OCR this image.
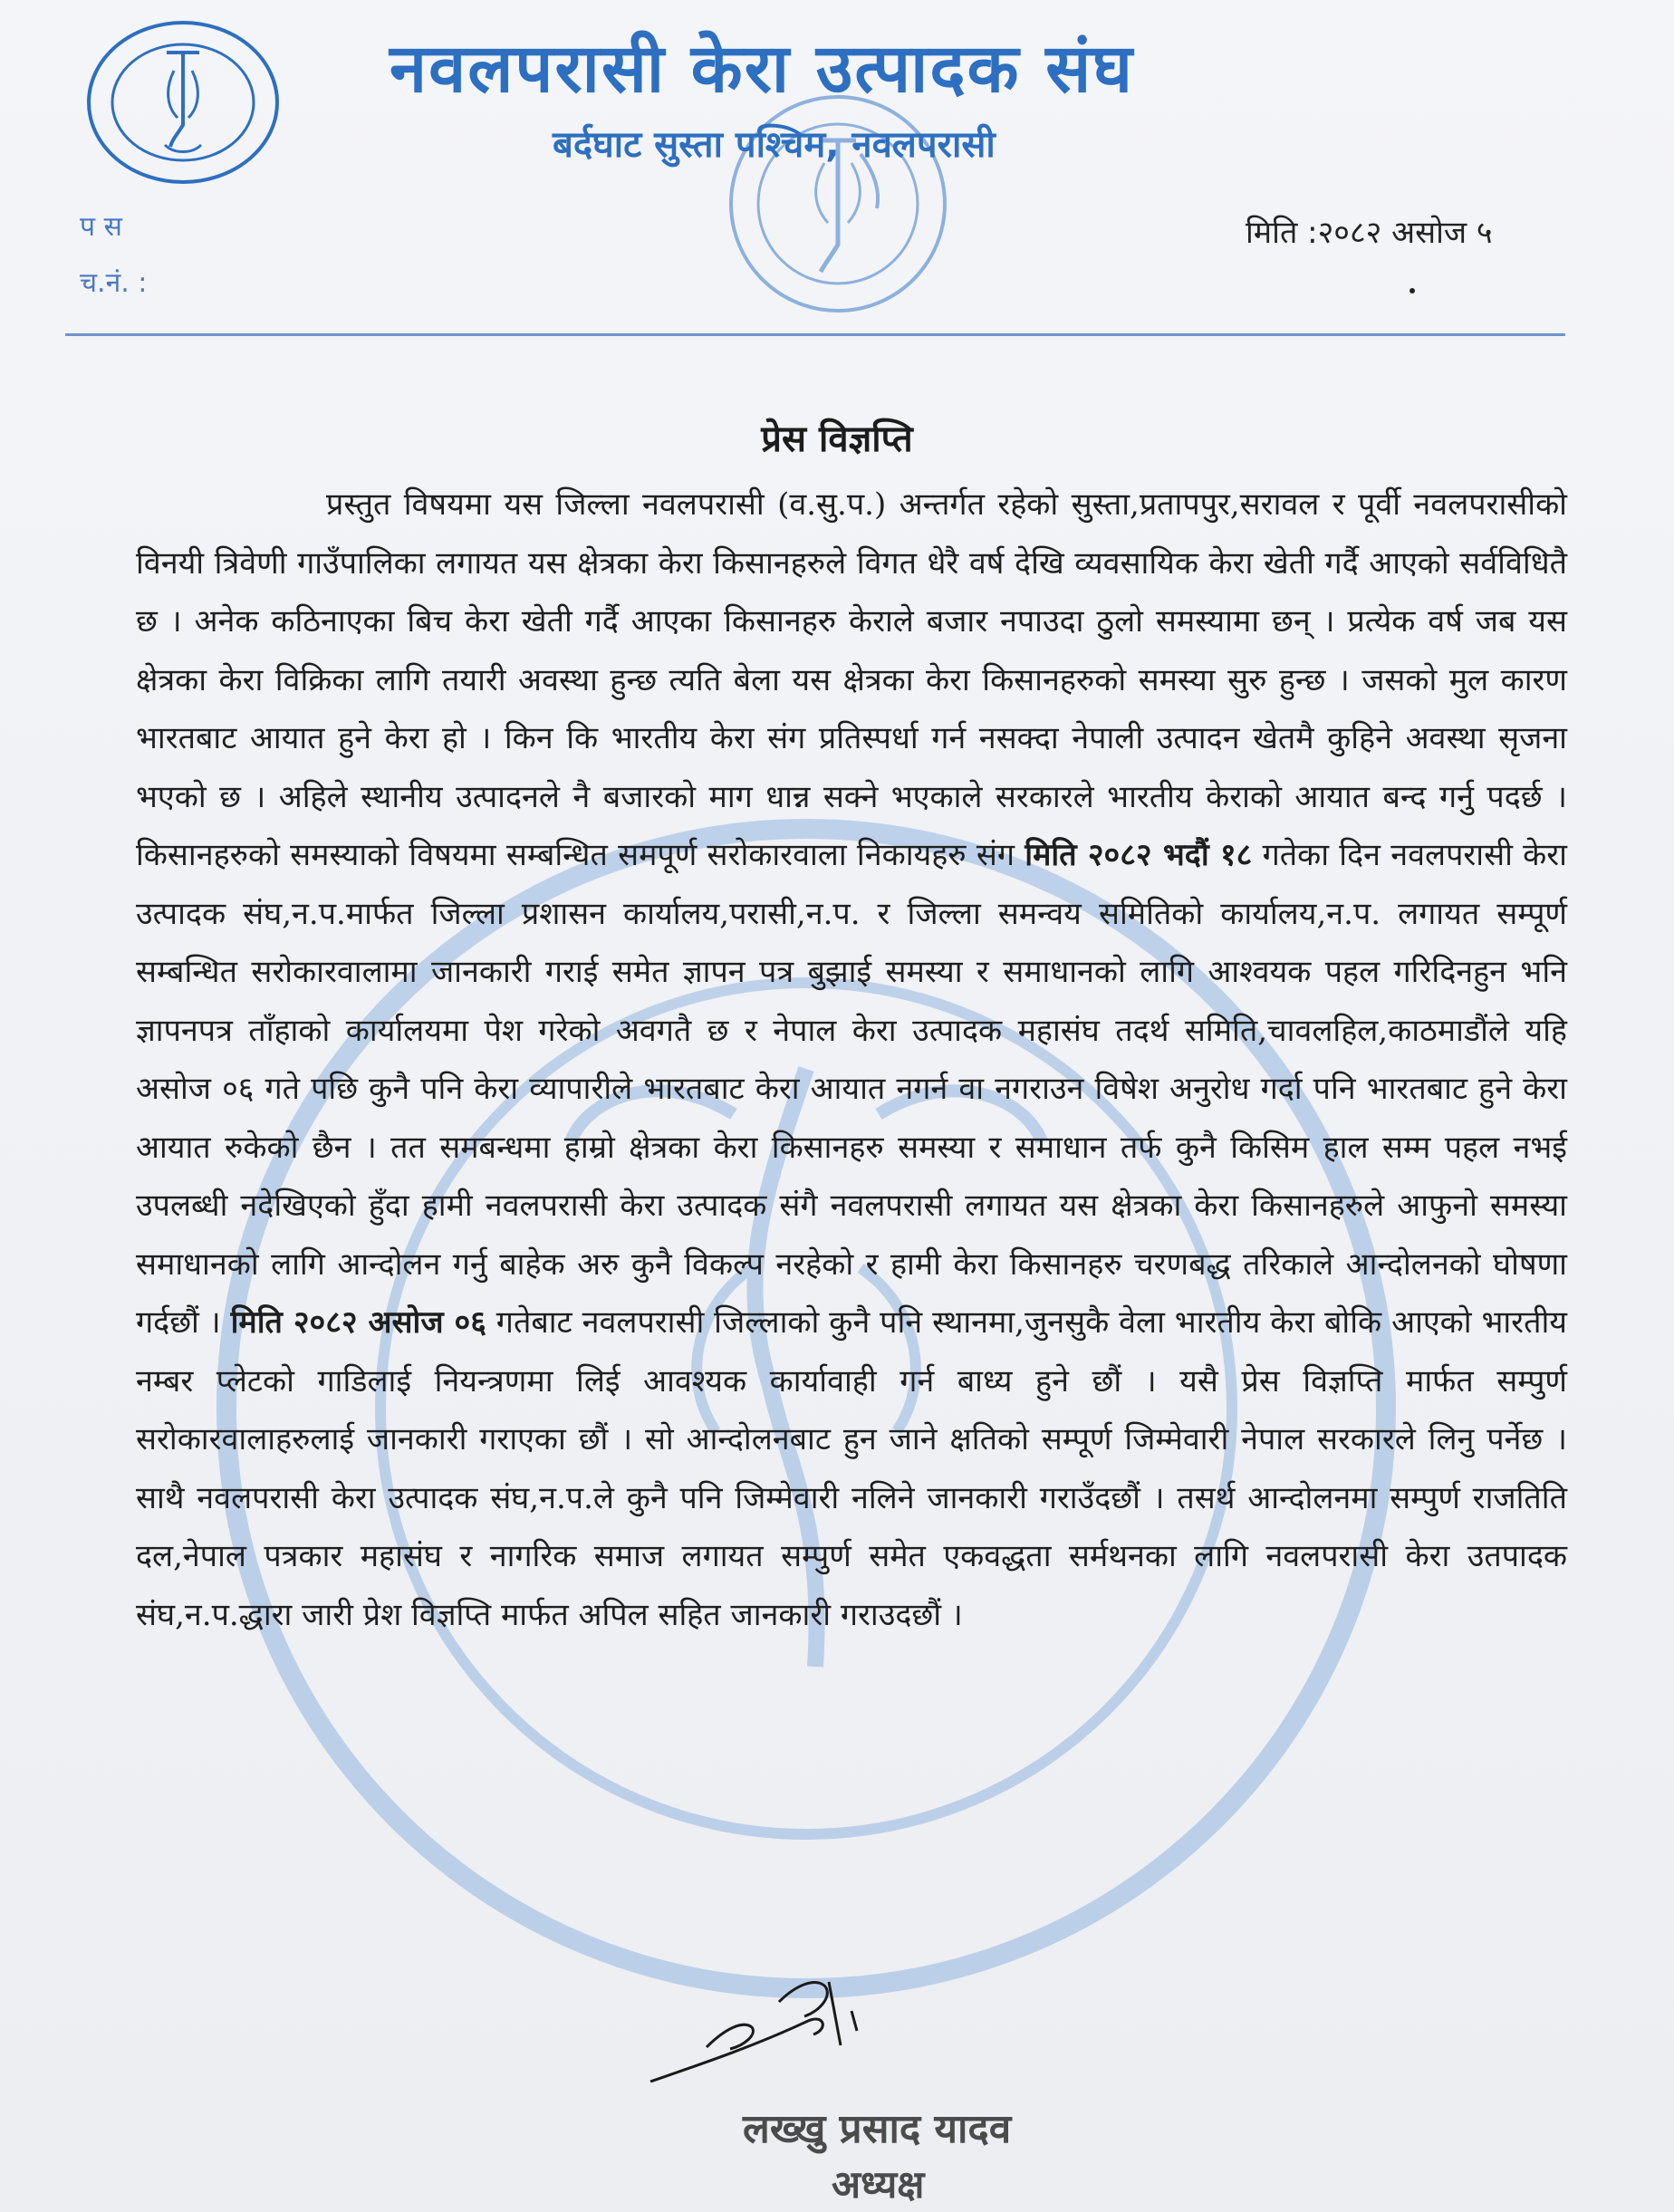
नवलपरासी केरा उत्पादक संघ
बर्दघाट सुस्ता पश्चिम, नवलपरासी
प स
च.नं. :
मिति :२०८२ असोज ५
प्रेस विज्ञप्ति
प्रस्तुत विषयमा यस जिल्ला नवलपरासी (व.सु.प.) अन्तर्गत रहेको सुस्ता,प्रतापपुर,सरावल र पूर्वी नवलपरासीको विनयी त्रिवेणी गाउँपालिका लगायत यस क्षेत्रका केरा किसानहरुले विगत धेरै वर्ष देखि व्यवसायिक केरा खेती गर्दै आएको सर्वविधितै छ । अनेक कठिनाएका बिच केरा खेती गर्दै आएका किसानहरु केराले बजार नपाउदा ठुलो समस्यामा छन् । प्रत्येक वर्ष जब यस क्षेत्रका केरा विक्रिका लागि तयारी अवस्था हुन्छ त्यति बेला यस क्षेत्रका केरा किसानहरुको समस्या सुरु हुन्छ । जसको मुल कारण भारतबाट आयात हुने केरा हो । किन कि भारतीय केरा संग प्रतिस्पर्धा गर्न नसक्दा नेपाली उत्पादन खेतमै कुहिने अवस्था सृजना भएको छ । अहिले स्थानीय उत्पादनले नै बजारको माग धान्न सक्ने भएकाले सरकारले भारतीय केराको आयात बन्द गर्नु पदर्छ । किसानहरुको समस्याको विषयमा सम्बन्धित समपूर्ण सरोकारवाला निकायहरु संग मिति २०८२ भदौं १८ गतेका दिन नवलपरासी केरा उत्पादक संघ,न.प.मार्फत जिल्ला प्रशासन कार्यालय,परासी,न.प. र जिल्ला समन्वय समितिको कार्यालय,न.प. लगायत सम्पूर्ण सम्बन्धित सरोकारवालामा जानकारी गराई समेत ज्ञापन पत्र बुझाई समस्या र समाधानको लागि आश्वयक पहल गरिदिनहुन भनि ज्ञापनपत्र ताँहाको कार्यालयमा पेश गरेको अवगतै छ र नेपाल केरा उत्पादक महासंघ तदर्थ समिति,चावलहिल,काठमाडौंले यहि असोज ०६ गते पछि कुनै पनि केरा व्यापारीले भारतबाट केरा आयात नगर्न वा नगराउन विषेश अनुरोध गर्दा पनि भारतबाट हुने केरा आयात रुकेको छैन । तत समबन्धमा हाम्रो क्षेत्रका केरा किसानहरु समस्या र समाधान तर्फ कुनै किसिम हाल सम्म पहल नभई उपलब्धी नदेखिएको हुँदा हामी नवलपरासी केरा उत्पादक संगै नवलपरासी लगायत यस क्षेत्रका केरा किसानहरुले आफुनो समस्या समाधानको लागि आन्दोलन गर्नु बाहेक अरु कुनै विकल्प नरहेको र हामी केरा किसानहरु चरणबद्ध तरिकाले आन्दोलनको घोषणा गर्दछौं । मिति २०८२ असोज ०६ गतेबाट नवलपरासी जिल्लाको कुनै पनि स्थानमा,जुनसुकै वेला भारतीय केरा बोकि आएको भारतीय नम्बर प्लेटको गाडिलाई नियन्त्रणमा लिई आवश्यक कार्यावाही गर्न बाध्य हुने छौं । यसै प्रेस विज्ञप्ति मार्फत सम्पुर्ण सरोकारवालाहरुलाई जानकारी गराएका छौं । सो आन्दोलनबाट हुन जाने क्षतिको सम्पूर्ण जिम्मेवारी नेपाल सरकारले लिनु पर्नेछ । साथै नवलपरासी केरा उत्पादक संघ,न.प.ले कुनै पनि जिम्मेवारी नलिने जानकारी गराउँदछौं । तसर्थ आन्दोलनमा सम्पुर्ण राजतिति दल,नेपाल पत्रकार महासंघ र नागरिक समाज लगायत सम्पुर्ण समेत एकवद्धता सर्मथनका लागि नवलपरासी केरा उतपादक संघ,न.प.द्धारा जारी प्रेश विज्ञप्ति मार्फत अपिल सहित जानकारी गराउदछौं ।
लख्खु प्रसाद यादव
अध्यक्ष
